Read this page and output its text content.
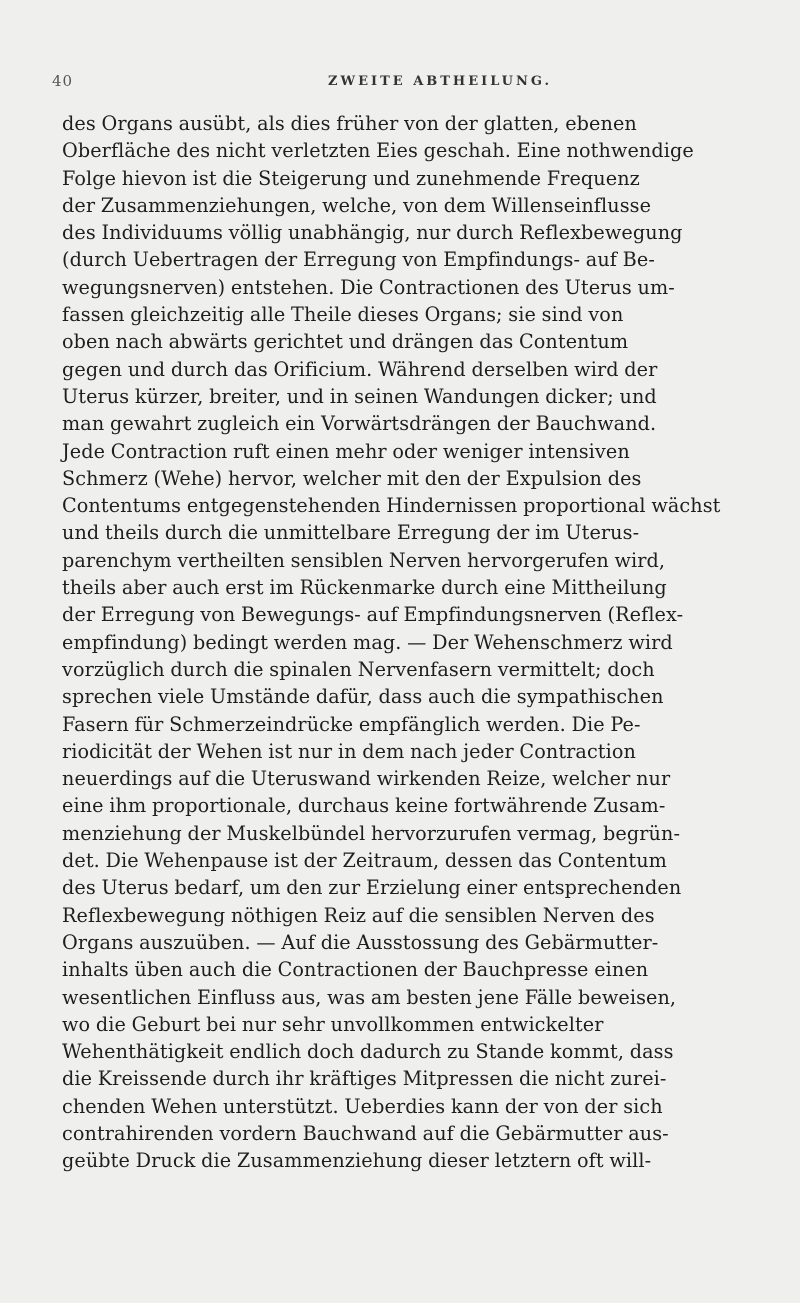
40	ZWEITE ABTHEILUNG.
des Organs ausübt, als dies früher von der glatten, ebenen
Oberfläche des nicht verletzten Eies geschah. Eine nothwendige
Folge hievon ist die Steigerung und zunehmende Frequenz
der Zusammenziehungen, welche, von dem Willenseinflusse
des Individuums völlig unabhängig, nur durch Reflexbewegung
(durch Uebertragen der Erregung von Empfindungs- auf Be-
wegungsnerven) entstehen. Die Contractionen des Uterus um-
fassen gleichzeitig alle Theile dieses Organs; sie sind von
oben nach abwärts gerichtet und drängen das Contentum
gegen und durch das Orificium. Während derselben wird der
Uterus kürzer, breiter, und in seinen Wandungen dicker; und
man gewahrt zugleich ein Vorwärtsdrängen der Bauchwand.
Jede Contraction ruft einen mehr oder weniger intensiven
Schmerz (Wehe) hervor, welcher mit den der Expulsion des
Contentums entgegenstehenden Hindernissen proportional wächst
und theils durch die unmittelbare Erregung der im Uterus-
parenchym vertheilten sensiblen Nerven hervorgerufen wird,
theils aber auch erst im Rückenmarke durch eine Mittheilung
der Erregung von Bewegungs- auf Empfindungsnerven (Reflex-
empfindung) bedingt werden mag. — Der Wehenschmerz wird
vorzüglich durch die spinalen Nervenfasern vermittelt; doch
sprechen viele Umstände dafür, dass auch die sympathischen
Fasern für Schmerzeindrücke empfänglich werden. Die Pe-
riodicität der Wehen ist nur in dem nach jeder Contraction
neuerdings auf die Uteruswand wirkenden Reize, welcher nur
eine ihm proportionale, durchaus keine fortwährende Zusam-
menziehung der Muskelbündel hervorzurufen vermag, begrün-
det. Die Wehenpause ist der Zeitraum, dessen das Contentum
des Uterus bedarf, um den zur Erzielung einer entsprechenden
Reflexbewegung nöthigen Reiz auf die sensiblen Nerven des
Organs auszuüben. — Auf die Ausstossung des Gebärmutter-
inhalts üben auch die Contractionen der Bauchpresse einen
wesentlichen Einfluss aus, was am besten jene Fälle beweisen,
wo die Geburt bei nur sehr unvollkommen entwickelter
Wehenthätigkeit endlich doch dadurch zu Stande kommt, dass
die Kreissende durch ihr kräftiges Mitpressen die nicht zurei-
chenden Wehen unterstützt. Ueberdies kann der von der sich
contrahirenden vordern Bauchwand auf die Gebärmutter aus-
geübte Druck die Zusammenziehung dieser letztern oft will-
